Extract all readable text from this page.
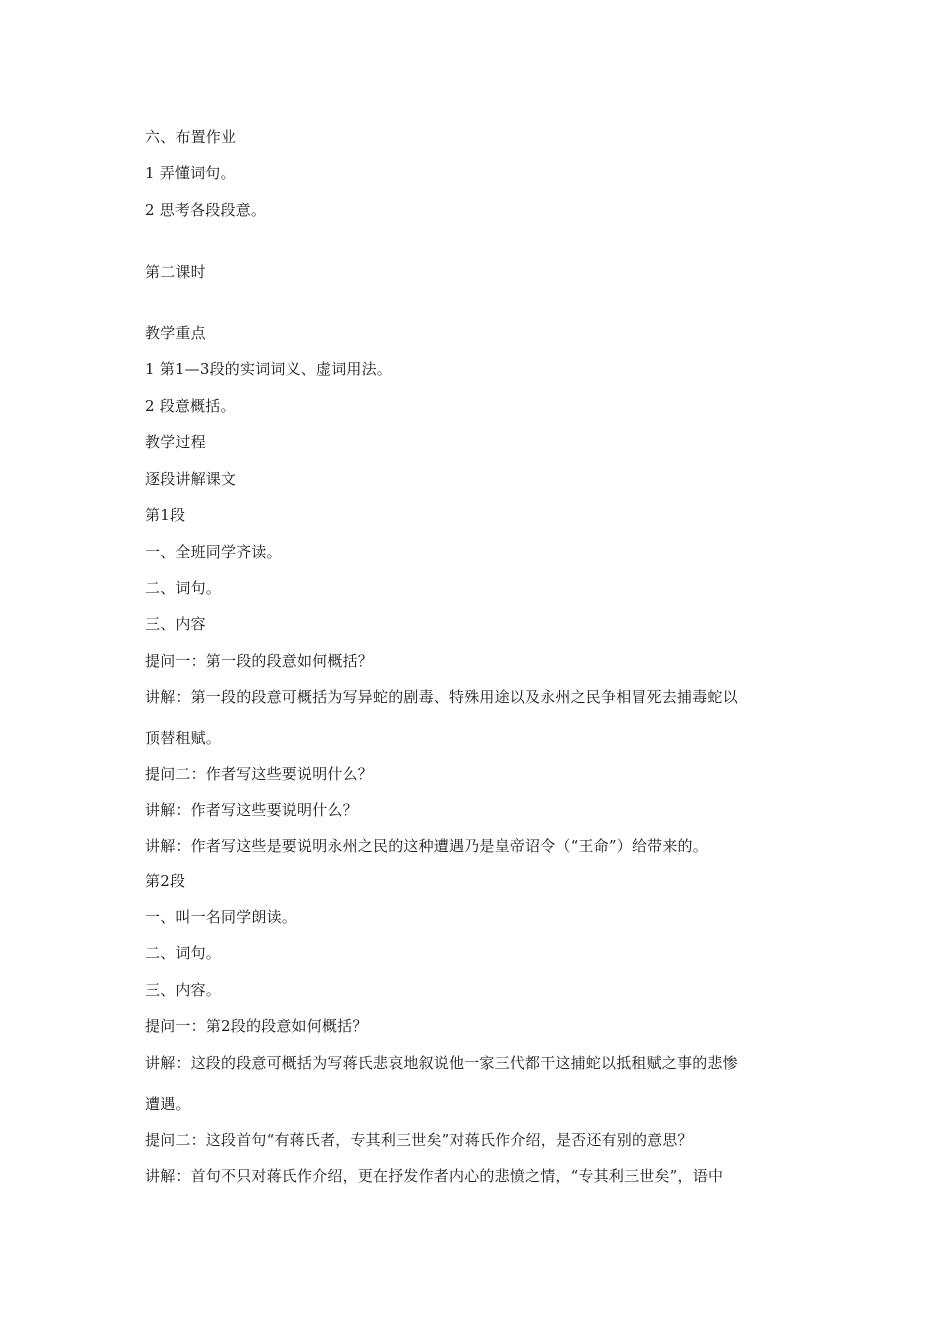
六、布置作业
1 弄懂词句。
2 思考各段段意。
第二课时
教学重点
1 第1—3段的实词词义、虚词用法。
2 段意概括。
教学过程
逐段讲解课文
第1段
一、全班同学齐读。
二、词句。
三、内容
提问一：第一段的段意如何概括？
讲解：第一段的段意可概括为写异蛇的剧毒、特殊用途以及永州之民争相冒死去捕毒蛇以
顶替租赋。
提问二：作者写这些要说明什么？
讲解：作者写这些要说明什么？
讲解：作者写这些是要说明永州之民的这种遭遇乃是皇帝诏令（“王命”）给带来的。
第2段
一、叫一名同学朗读。
二、词句。
三、内容。
提问一：第2段的段意如何概括？
讲解：这段的段意可概括为写蒋氏悲哀地叙说他一家三代都干这捕蛇以抵租赋之事的悲惨
遭遇。
提问二：这段首句“有蒋氏者，专其利三世矣”对蒋氏作介绍，是否还有别的意思？
讲解：首句不只对蒋氏作介绍，更在抒发作者内心的悲愤之情，“专其利三世矣”，语中
